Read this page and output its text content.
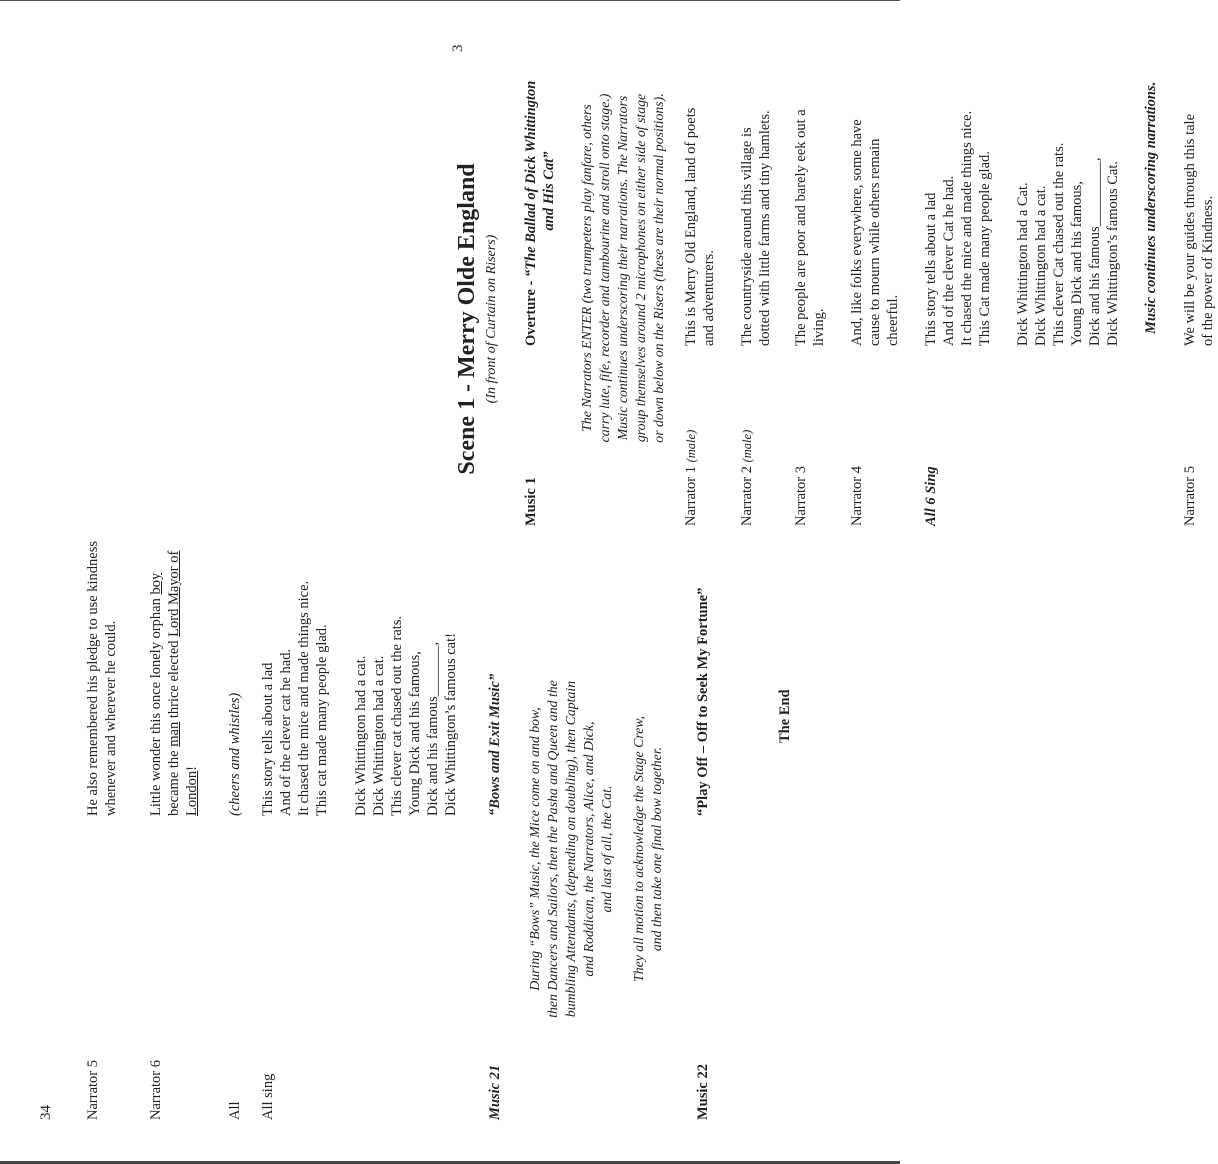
34 Narrator 5
He also remembered his pledge to use kindness whenever and wherever he could.
Narrator 6
Little wonder this once lonely orphan boy
became the man thrice elected Lord Mayor of
London!
All
(cheers and whistles)
All sing
This story tells about a lad And of the clever cat he had. It chased the mice and made things nice. This cat made many people glad. Dick Whittington had a cat. Dick Whittington had a cat. This clever cat chased out the rats. Young Dick and his famous, Dick and his famous_______, Dick Whittington’s famous cat!
Music 21
“Bows and Exit Music” During “Bows” Music, the Mice come on and bow, then Dancers and Sailors, then the Pasha and Queen and the bumbling Attendants, (depending on doubling), then Captain and Roddican, the Narrators, Alice, and Dick, and last of all, the Cat. They all motion to acknowledge the Stage Crew, and then take one final bow together.
Music 22
“Play Off – Off to Seek My Fortune”	The End
3
Scene 1 - Merry Olde England (In front of Curtain on Risers)
Music 1
Overture - “The Ballad of Dick Whittington and His Cat” The Narrators ENTER (two trumpeters play fanfare, others carry lute, fife, recorder and tambourine and stroll onto stage.) Music continues underscoring their narrations. The Narrators group themselves around 2 microphones on either side of stage or down below on the Risers (these are their normal positions).
Narrator 1 (male)
This is Merry Old England, land of poets and adventurers.
Narrator 2 (male)
The countryside around this village is dotted with little farms and tiny hamlets.
Narrator 3
The people are poor and barely eek out a living.
Narrator 4
And, like folks everywhere, some have cause to mourn while others remain cheerful.
All 6 Sing
This story tells about a lad And of the clever Cat he had. It chased the mice and made things nice. This Cat made many people glad. Dick Whittington had a Cat. Dick Whittington had a cat. This clever Cat chased out the rats. Young Dick and his famous, Dick and his famous_________, Dick Whittington’s famous Cat. Music continues underscoring narrations.
Narrator 5
We will be your guides through this tale of the power of Kindness.
